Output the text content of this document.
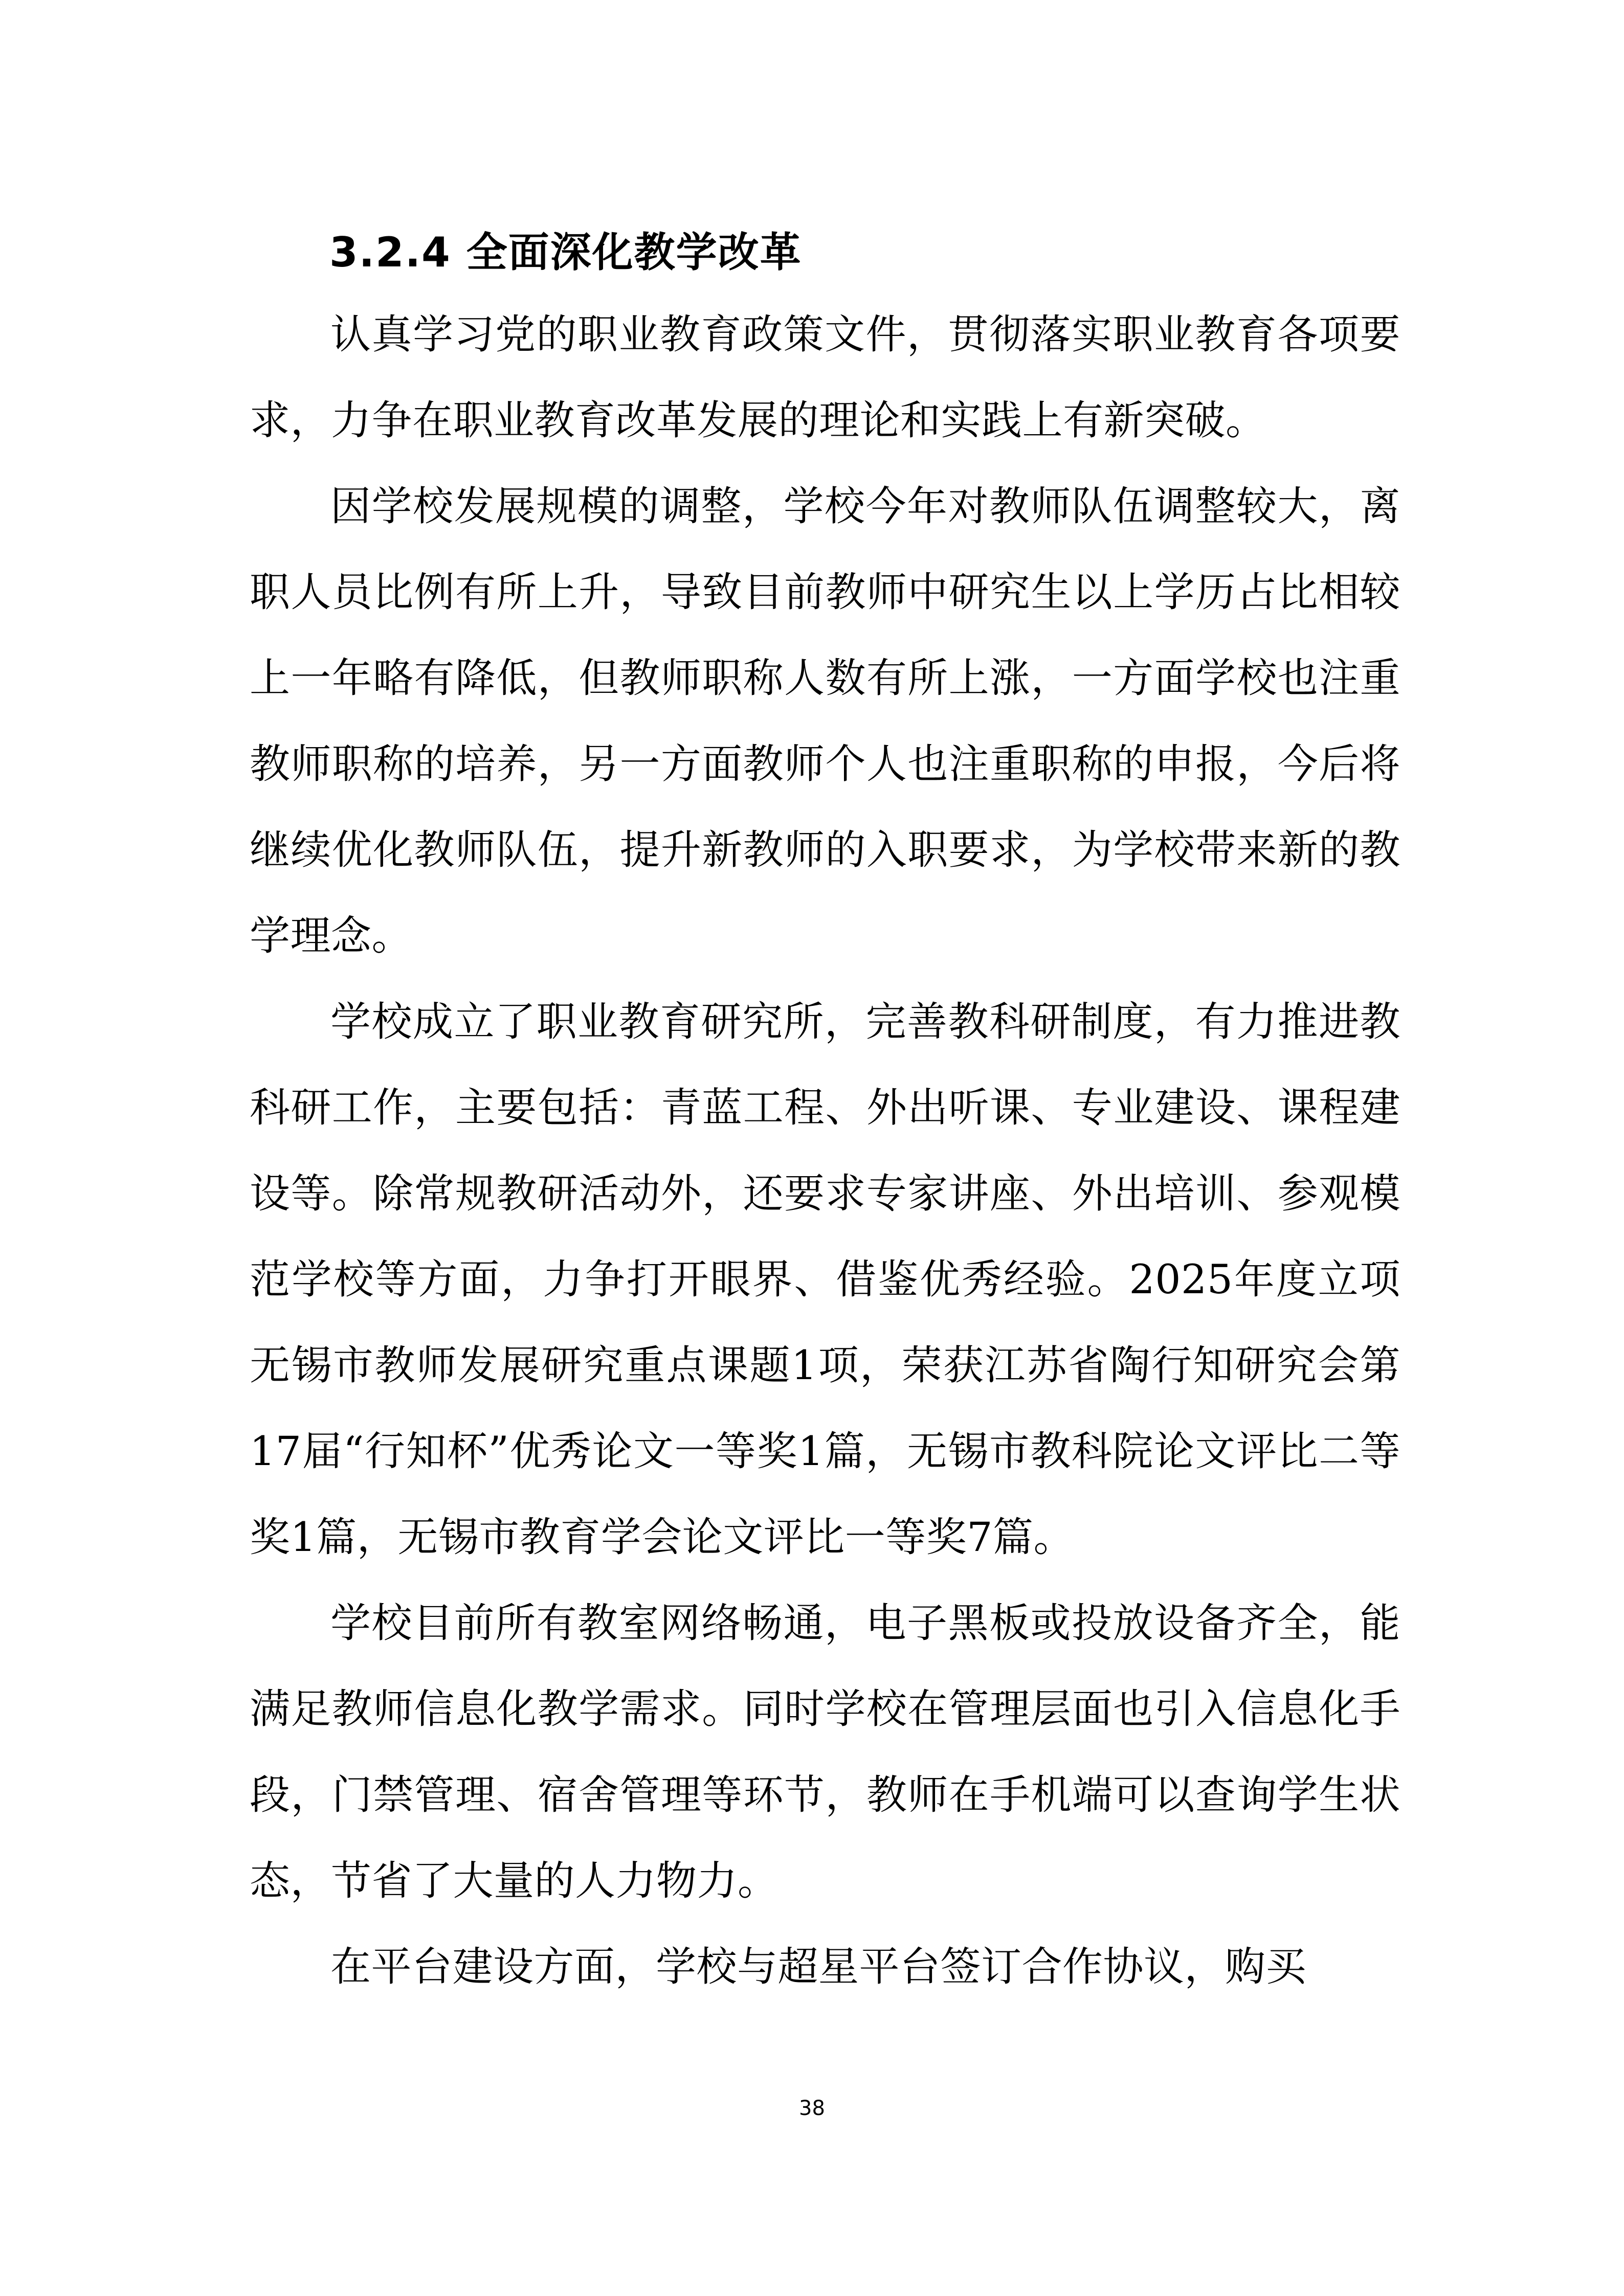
3.2.4 全面深化教学改革

认真学习党的职业教育政策文件，贯彻落实职业教育各项要求，力争在职业教育改革发展的理论和实践上有新突破。

因学校发展规模的调整，学校今年对教师队伍调整较大，离职人员比例有所上升，导致目前教师中研究生以上学历占比相较上一年略有降低，但教师职称人数有所上涨，一方面学校也注重教师职称的培养，另一方面教师个人也注重职称的申报，今后将继续优化教师队伍，提升新教师的入职要求，为学校带来新的教学理念。

学校成立了职业教育研究所，完善教科研制度，有力推进教科研工作，主要包括：青蓝工程、外出听课、专业建设、课程建设等。除常规教研活动外，还要求专家讲座、外出培训、参观模范学校等方面，力争打开眼界、借鉴优秀经验。2025年度立项无锡市教师发展研究重点课题1项，荣获江苏省陶行知研究会第17届“行知杯”优秀论文一等奖1篇，无锡市教科院论文评比二等奖1篇，无锡市教育学会论文评比一等奖7篇。

学校目前所有教室网络畅通，电子黑板或投放设备齐全，能满足教师信息化教学需求。同时学校在管理层面也引入信息化手段，门禁管理、宿舍管理等环节，教师在手机端可以查询学生状态，节省了大量的人力物力。

在平台建设方面，学校与超星平台签订合作协议，购买

38
